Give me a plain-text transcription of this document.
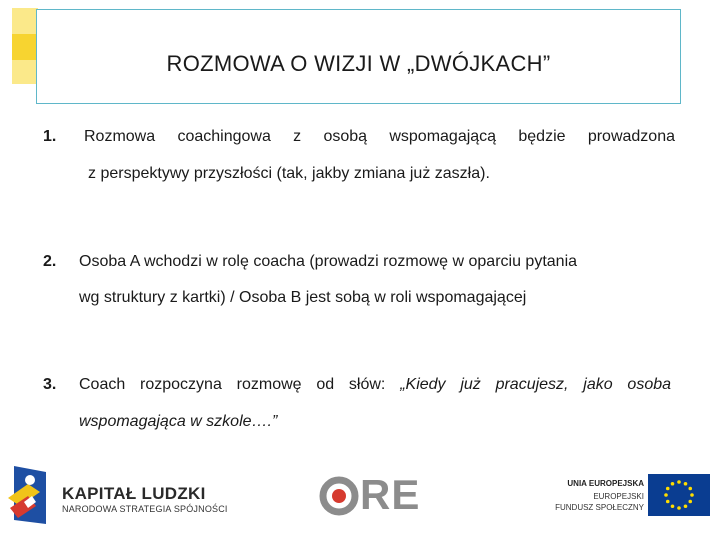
ROZMOWA O WIZJI W „DWÓJKACH”
1. Rozmowa coachingowa z osobą wspomagającą będzie prowadzona
z perspektywy przyszłości (tak, jakby zmiana już zaszła).
2. Osoba A wchodzi w rolę coacha (prowadzi rozmowę w oparciu pytania
wg struktury z kartki) / Osoba B jest sobą w roli wspomagającej
3. Coach rozpoczyna rozmowę od słów: „Kiedy już pracujesz, jako osoba
wspomagająca w szkole….”
KAPITAŁ LUDZKI
NARODOWA STRATEGIA SPÓJNOŚCI	RE	UNIA EUROPEJSKA
EUROPEJSKI
FUNDUSZ SPOŁECZNY
